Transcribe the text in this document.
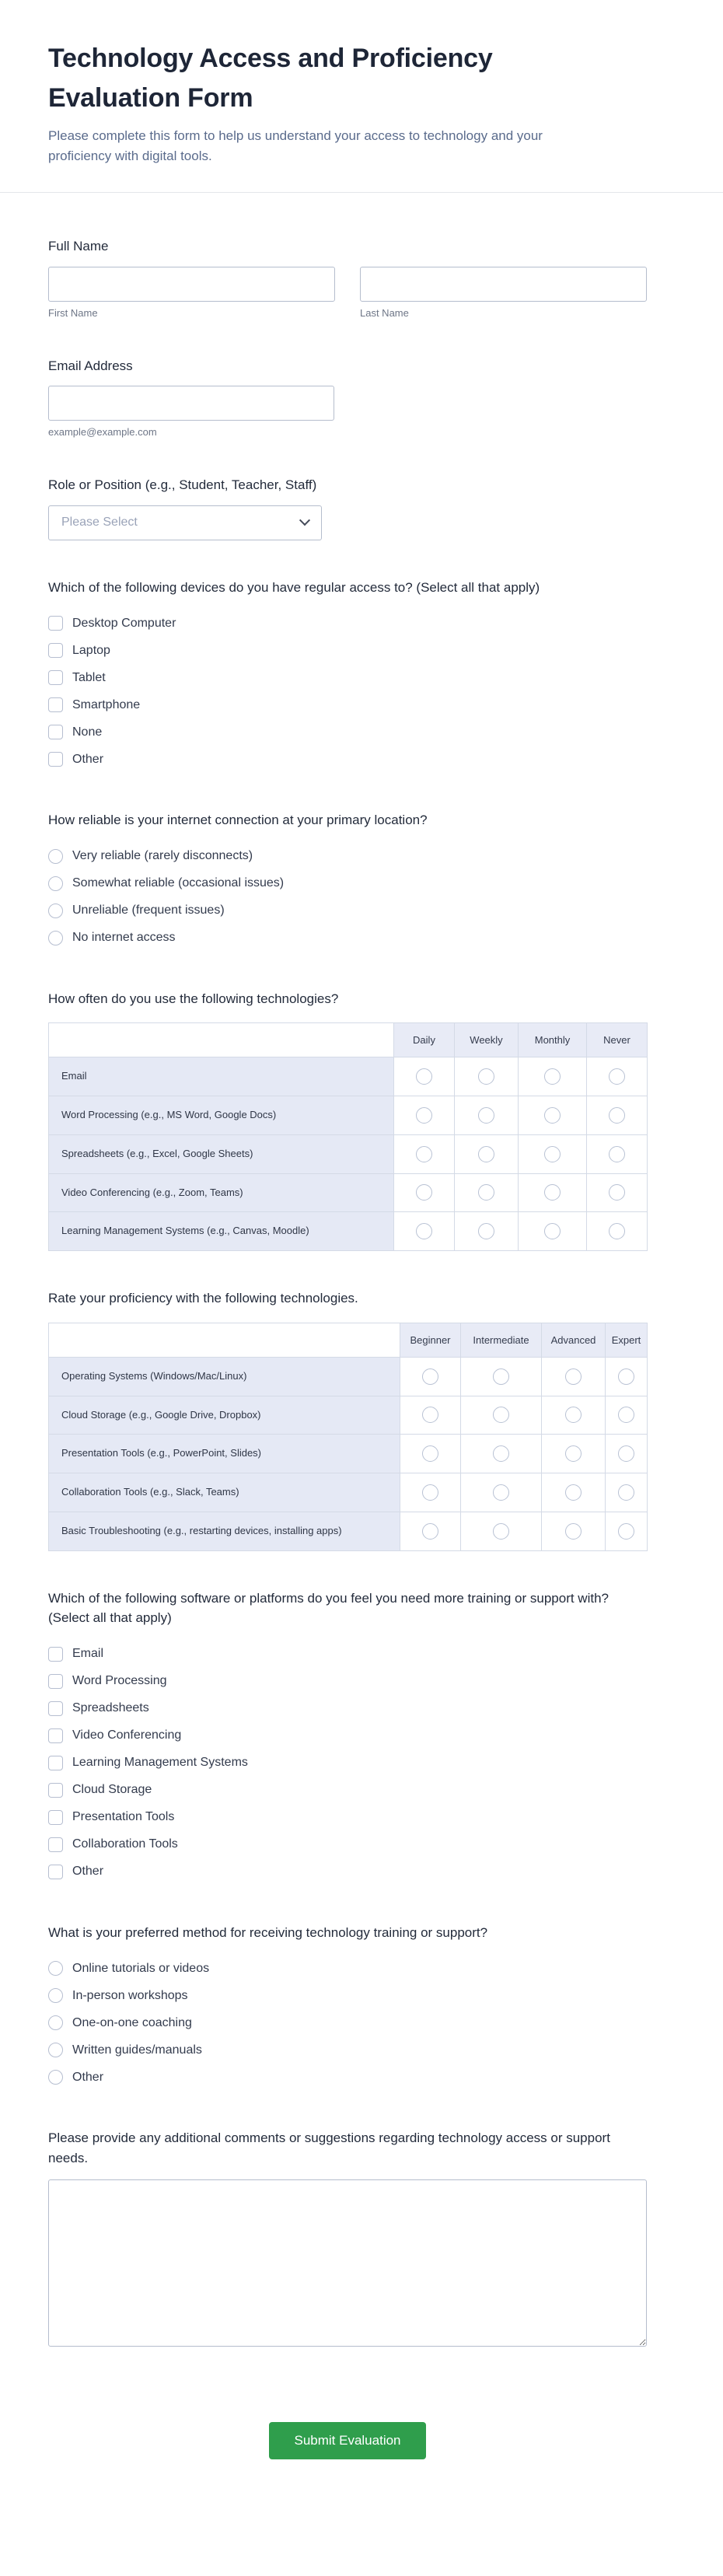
Technology Access and Proficiency Evaluation Form

Please complete this form to help us understand your access to technology and your proficiency with digital tools.

Full Name
First Name	Last Name
Email Address
example@example.com
Role or Position (e.g., Student, Teacher, Staff)
Please Select
Which of the following devices do you have regular access to? (Select all that apply)
Desktop Computer
Laptop
Tablet
Smartphone
None
Other
How reliable is your internet connection at your primary location?
Very reliable (rarely disconnects)
Somewhat reliable (occasional issues)
Unreliable (frequent issues)
No internet access
How often do you use the following technologies?
	Daily	Weekly	Monthly	Never
Email				
Word Processing (e.g., MS Word, Google Docs)				
Spreadsheets (e.g., Excel, Google Sheets)				
Video Conferencing (e.g., Zoom, Teams)				
Learning Management Systems (e.g., Canvas, Moodle)				
Rate your proficiency with the following technologies.
	Beginner	Intermediate	Advanced	Expert
Operating Systems (Windows/Mac/Linux)				
Cloud Storage (e.g., Google Drive, Dropbox)				
Presentation Tools (e.g., PowerPoint, Slides)				
Collaboration Tools (e.g., Slack, Teams)				
Basic Troubleshooting (e.g., restarting devices, installing apps)				
Which of the following software or platforms do you feel you need more training or support with? (Select all that apply)
Email
Word Processing
Spreadsheets
Video Conferencing
Learning Management Systems
Cloud Storage
Presentation Tools
Collaboration Tools
Other
What is your preferred method for receiving technology training or support?
Online tutorials or videos
In-person workshops
One-on-one coaching
Written guides/manuals
Other
Please provide any additional comments or suggestions regarding technology access or support needs.
Submit Evaluation
